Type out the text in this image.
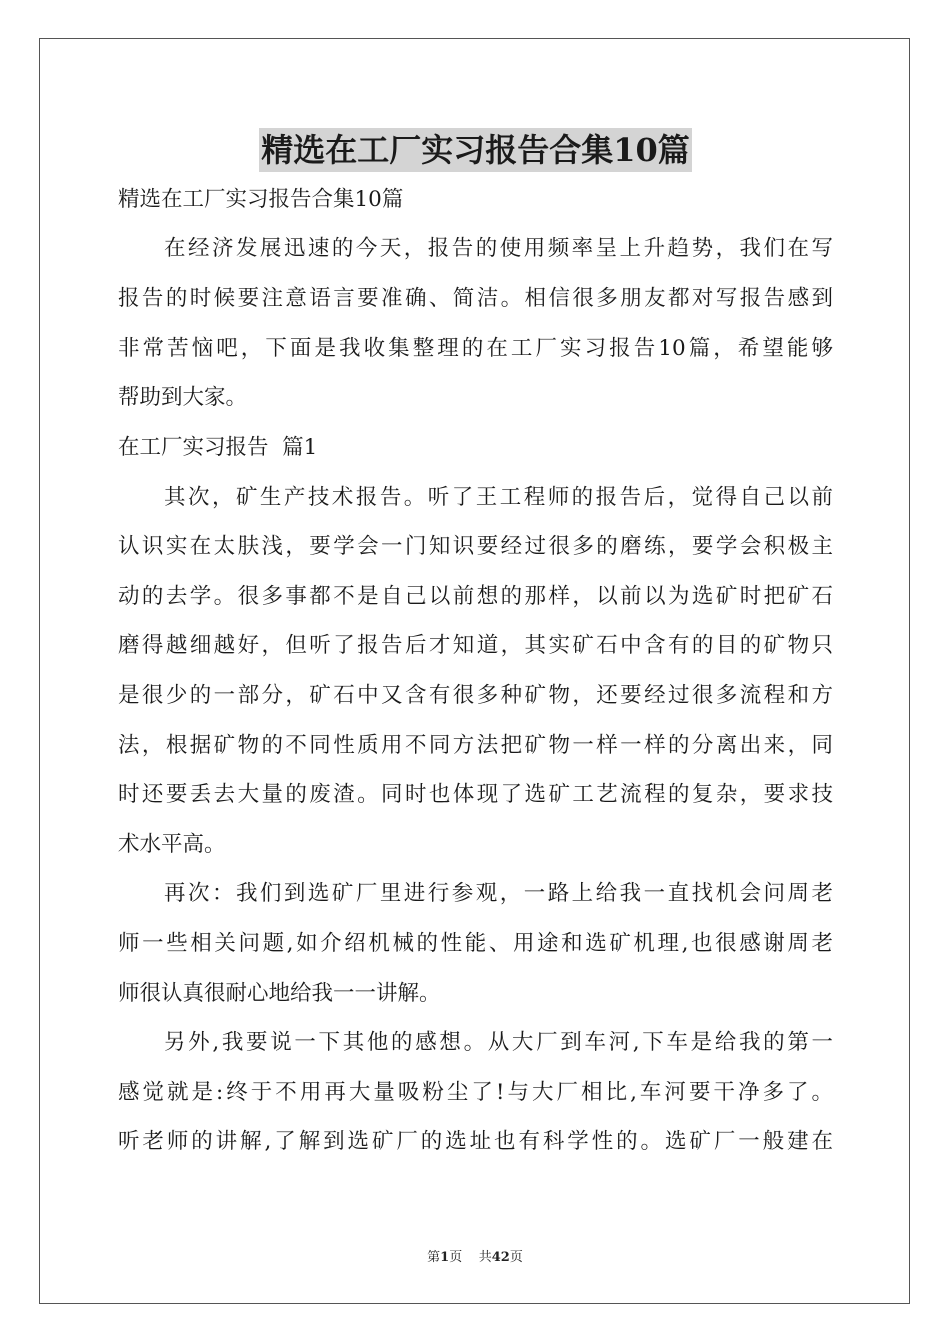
精选在工厂实习报告合集10篇
精选在工厂实习报告合集10篇
在经济发展迅速的今天，报告的使用频率呈上升趋势，我们在写
报告的时候要注意语言要准确、简洁。相信很多朋友都对写报告感到
非常苦恼吧，下面是我收集整理的在工厂实习报告10篇，希望能够
帮助到大家。
在工厂实习报告  篇1
其次，矿生产技术报告。听了王工程师的报告后，觉得自己以前
认识实在太肤浅，要学会一门知识要经过很多的磨练，要学会积极主
动的去学。很多事都不是自己以前想的那样，以前以为选矿时把矿石
磨得越细越好，但听了报告后才知道，其实矿石中含有的目的矿物只
是很少的一部分，矿石中又含有很多种矿物，还要经过很多流程和方
法，根据矿物的不同性质用不同方法把矿物一样一样的分离出来，同
时还要丢去大量的废渣。同时也体现了选矿工艺流程的复杂，要求技
术水平高。
再次：我们到选矿厂里进行参观，一路上给我一直找机会问周老
师一些相关问题,如介绍机械的性能、用途和选矿机理,也很感谢周老
师很认真很耐心地给我一一讲解。
另外,我要说一下其他的感想。从大厂到车河,下车是给我的第一
感觉就是:终于不用再大量吸粉尘了!与大厂相比,车河要干净多了。
听老师的讲解,了解到选矿厂的选址也有科学性的。选矿厂一般建在
第1页    共42页
